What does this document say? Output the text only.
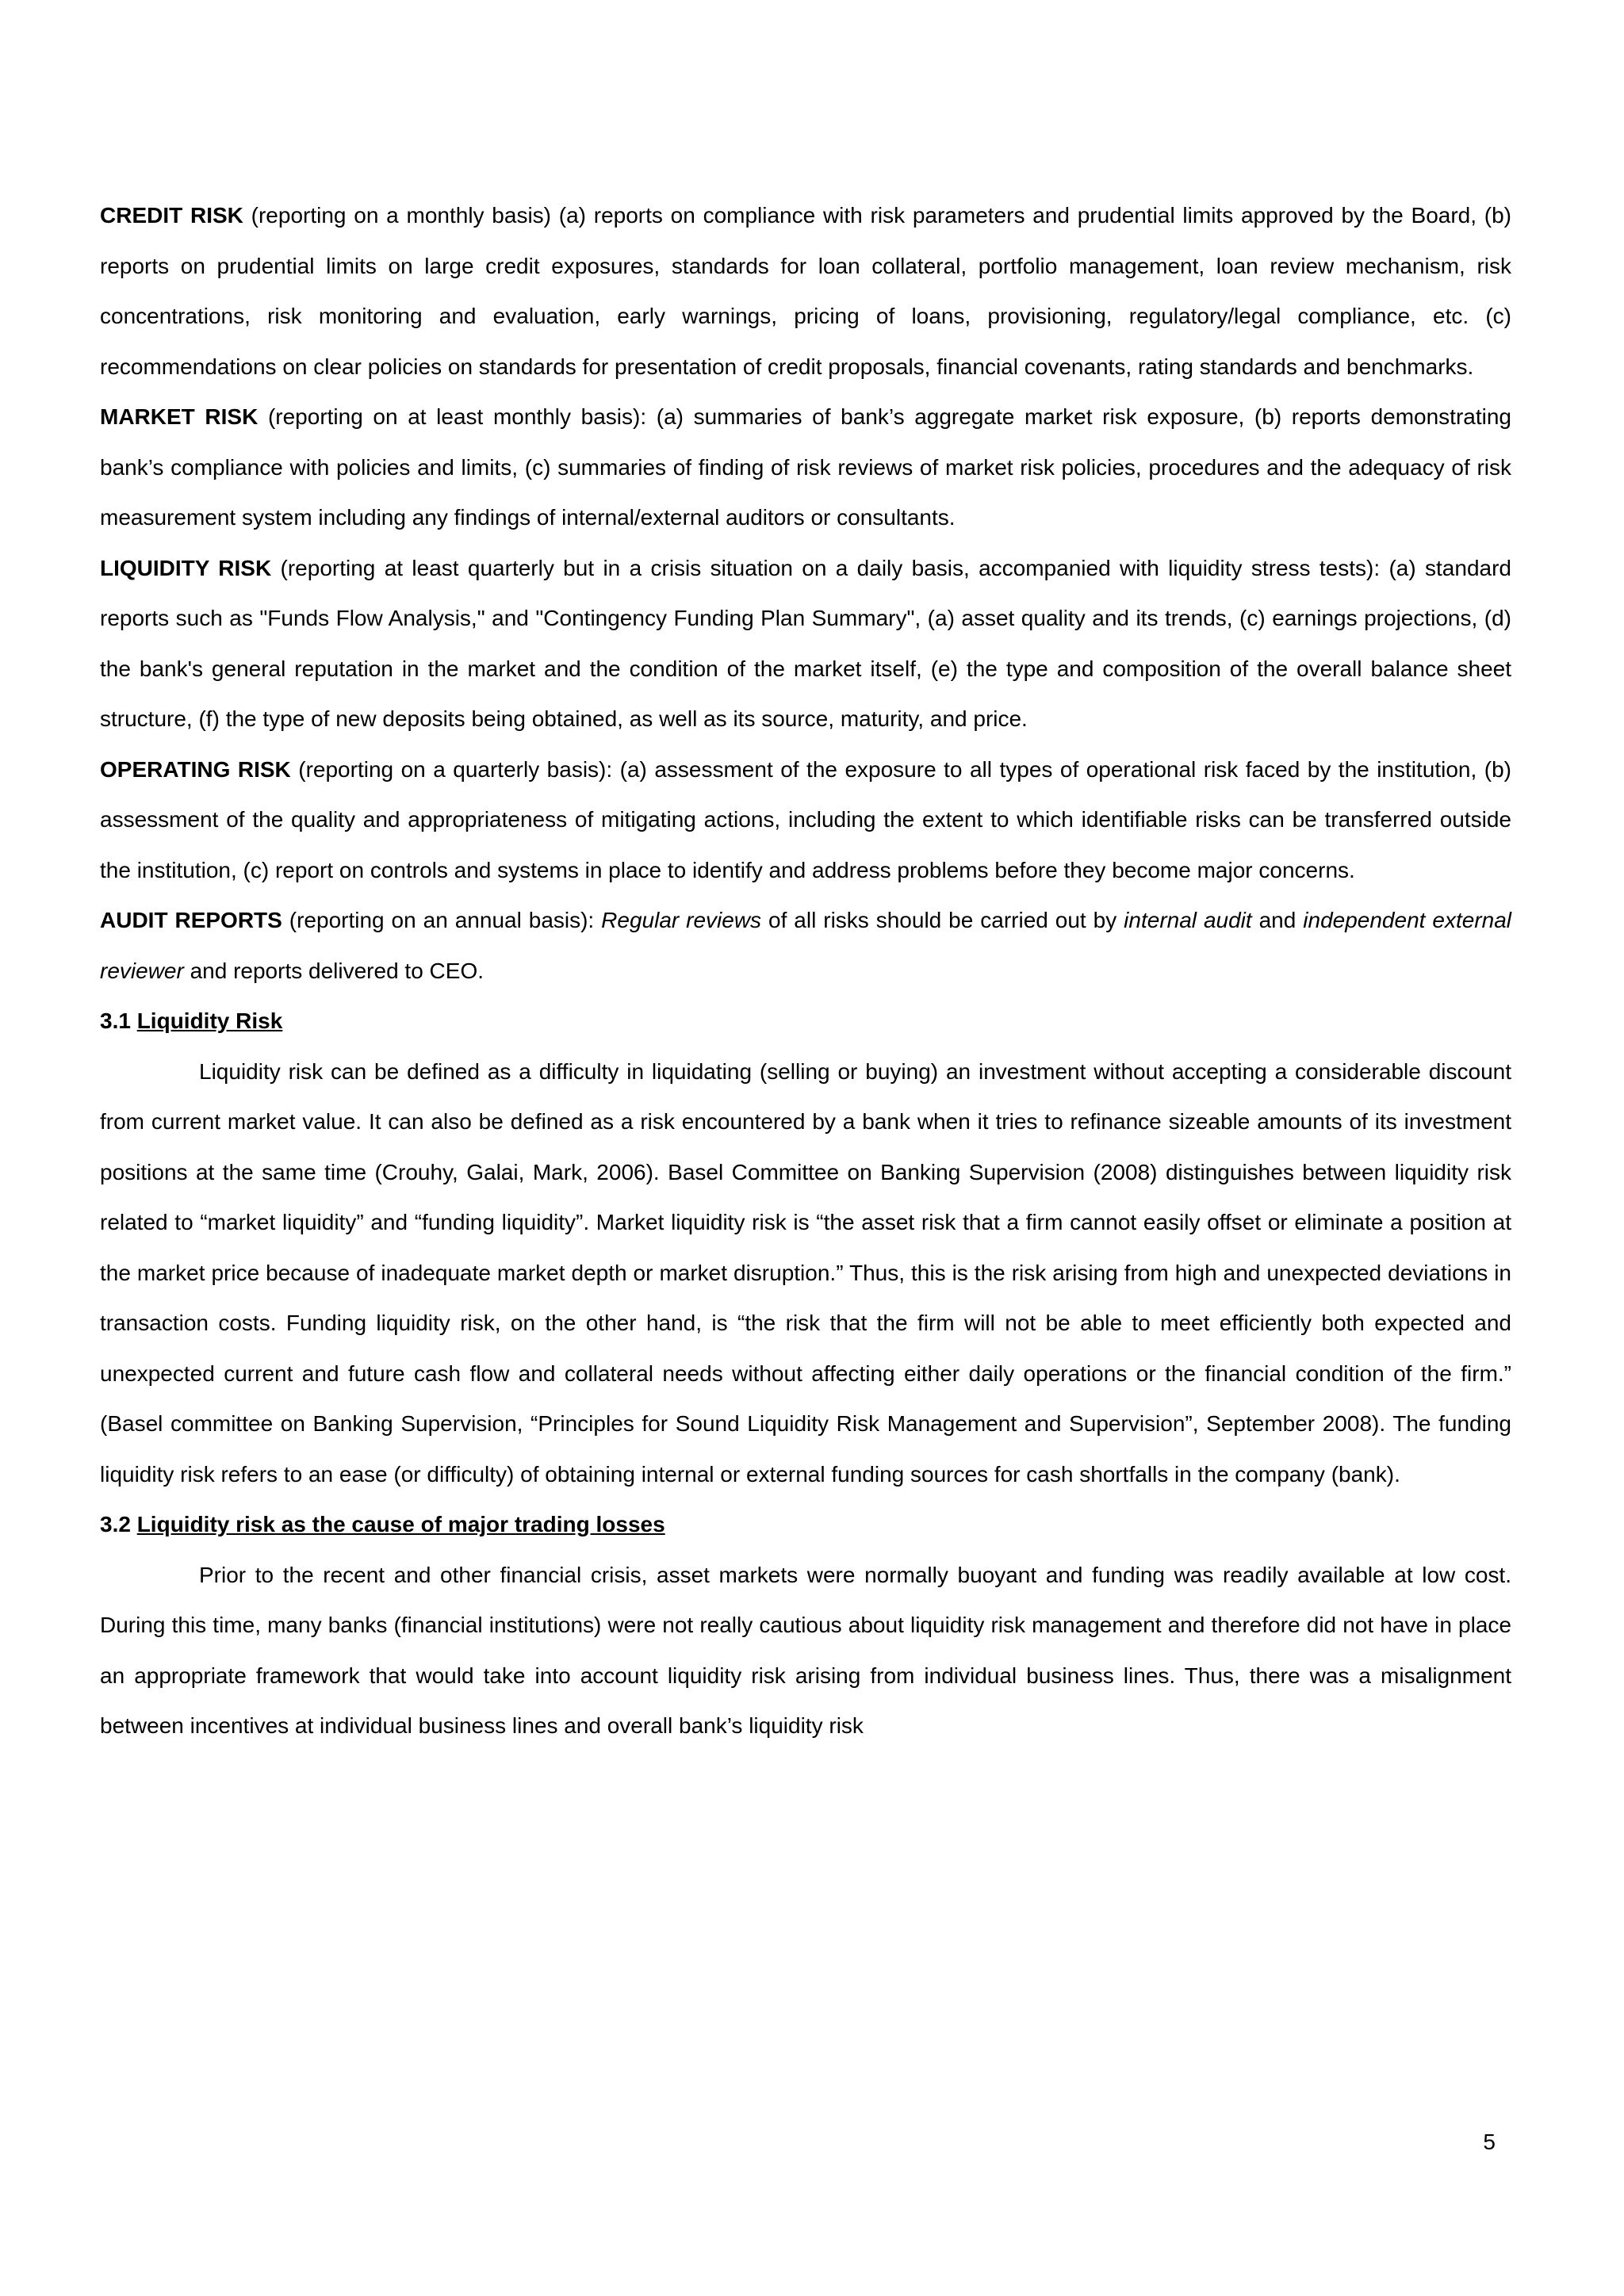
CREDIT RISK (reporting on a monthly basis) (a) reports on compliance with risk parameters and prudential limits approved by the Board, (b) reports on prudential limits on large credit exposures, standards for loan collateral, portfolio management, loan review mechanism, risk concentrations, risk monitoring and evaluation, early warnings, pricing of loans, provisioning, regulatory/legal compliance, etc. (c) recommendations on clear policies on standards for presentation of credit proposals, financial covenants, rating standards and benchmarks.

MARKET RISK (reporting on at least monthly basis): (a) summaries of bank’s aggregate market risk exposure, (b) reports demonstrating bank’s compliance with policies and limits, (c) summaries of finding of risk reviews of market risk policies, procedures and the adequacy of risk measurement system including any findings of internal/external auditors or consultants.

LIQUIDITY RISK (reporting at least quarterly but in a crisis situation on a daily basis, accompanied with liquidity stress tests): (a) standard reports such as "Funds Flow Analysis," and "Contingency Funding Plan Summary", (a) asset quality and its trends, (c) earnings projections, (d) the bank's general reputation in the market and the condition of the market itself, (e) the type and composition of the overall balance sheet structure, (f) the type of new deposits being obtained, as well as its source, maturity, and price.

OPERATING RISK (reporting on a quarterly basis): (a) assessment of the exposure to all types of operational risk faced by the institution, (b) assessment of the quality and appropriateness of mitigating actions, including the extent to which identifiable risks can be transferred outside the institution, (c) report on controls and systems in place to identify and address problems before they become major concerns.

AUDIT REPORTS (reporting on an annual basis): Regular reviews of all risks should be carried out by internal audit and independent external reviewer and reports delivered to CEO.

3.1 Liquidity Risk

Liquidity risk can be defined as a difficulty in liquidating (selling or buying) an investment without accepting a considerable discount from current market value. It can also be defined as a risk encountered by a bank when it tries to refinance sizeable amounts of its investment positions at the same time (Crouhy, Galai, Mark, 2006). Basel Committee on Banking Supervision (2008) distinguishes between liquidity risk related to “market liquidity” and “funding liquidity”. Market liquidity risk is “the asset risk that a firm cannot easily offset or eliminate a position at the market price because of inadequate market depth or market disruption.” Thus, this is the risk arising from high and unexpected deviations in transaction costs. Funding liquidity risk, on the other hand, is “the risk that the firm will not be able to meet efficiently both expected and unexpected current and future cash flow and collateral needs without affecting either daily operations or the financial condition of the firm.” (Basel committee on Banking Supervision, “Principles for Sound Liquidity Risk Management and Supervision”, September 2008). The funding liquidity risk refers to an ease (or difficulty) of obtaining internal or external funding sources for cash shortfalls in the company (bank).

3.2 Liquidity risk as the cause of major trading losses

Prior to the recent and other financial crisis, asset markets were normally buoyant and funding was readily available at low cost. During this time, many banks (financial institutions) were not really cautious about liquidity risk management and therefore did not have in place an appropriate framework that would take into account liquidity risk arising from individual business lines. Thus, there was a misalignment between incentives at individual business lines and overall bank’s liquidity risk

5
